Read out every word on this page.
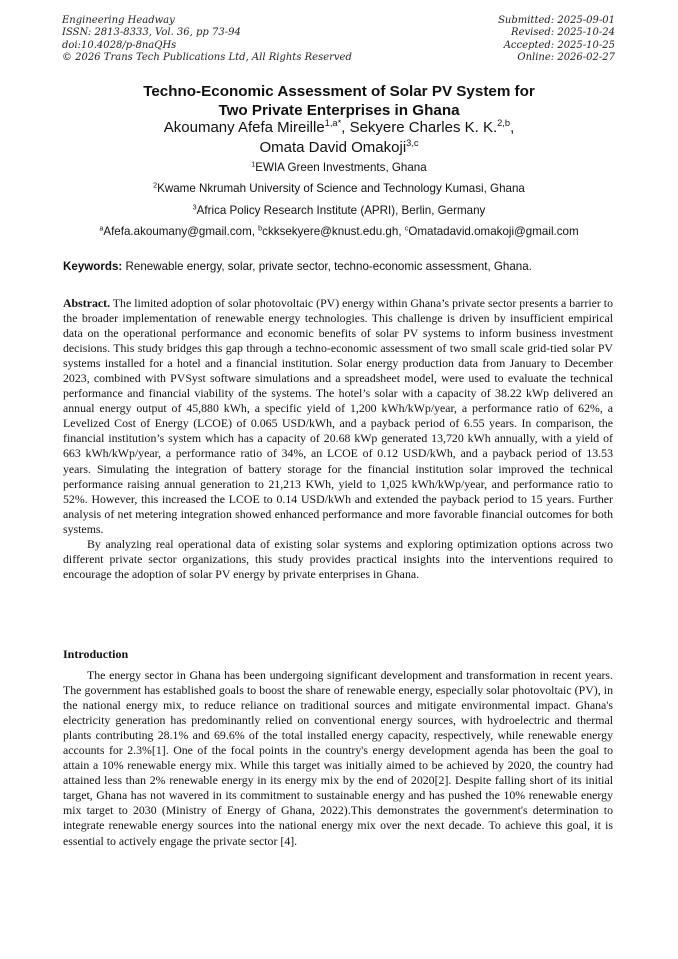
Engineering Headway
ISSN: 2813-8333, Vol. 36, pp 73-94
doi:10.4028/p-8naQHs
© 2026 Trans Tech Publications Ltd, All Rights Reserved
Submitted: 2025-09-01
Revised: 2025-10-24
Accepted: 2025-10-25
Online: 2026-02-27
Techno-Economic Assessment of Solar PV System for
Two Private Enterprises in Ghana
Akoumany Afefa Mireille$^{1,a*}$, Sekyere Charles K. K.$^{2,b}$,
Omata David Omakoji$^{3,c}$
$^1$EWIA Green Investments, Ghana
$^2$Kwame Nkrumah University of Science and Technology Kumasi, Ghana
$^3$Africa Policy Research Institute (APRI), Berlin, Germany
$^a$Afefa.akoumany@gmail.com, $^b$ckksekyere@knust.edu.gh, $^c$Omatadavid.omakoji@gmail.com
Keywords: Renewable energy, solar, private sector, techno-economic assessment, Ghana.

Abstract. The limited adoption of solar photovoltaic (PV) energy within Ghana’s private sector presents a barrier to the broader implementation of renewable energy technologies. This challenge is driven by insufficient empirical data on the operational performance and economic benefits of solar PV systems to inform business investment decisions. This study bridges this gap through a techno-economic assessment of two small scale grid-tied solar PV systems installed for a hotel and a financial institution. Solar energy production data from January to December 2023, combined with PVSyst software simulations and a spreadsheet model, were used to evaluate the technical performance and financial viability of the systems. The hotel’s solar with a capacity of 38.22 kWp delivered an annual energy output of 45,880 kWh, a specific yield of 1,200 kWh/kWp/year, a performance ratio of 62%, a Levelized Cost of Energy (LCOE) of 0.065 USD/kWh, and a payback period of 6.55 years. In comparison, the financial institution’s system which has a capacity of 20.68 kWp generated 13,720 kWh annually, with a yield of 663 kWh/kWp/year, a performance ratio of 34%, an LCOE of 0.12 USD/kWh, and a payback period of 13.53 years. Simulating the integration of battery storage for the financial institution solar improved the technical performance raising annual generation to 21,213 KWh, yield to 1,025 kWh/kWp/year, and performance ratio to 52%. However, this increased the LCOE to 0.14 USD/kWh and extended the payback period to 15 years. Further analysis of net metering integration showed enhanced performance and more favorable financial outcomes for both systems.

By analyzing real operational data of existing solar systems and exploring optimization options across two different private sector organizations, this study provides practical insights into the interventions required to encourage the adoption of solar PV energy by private enterprises in Ghana.

Introduction

The energy sector in Ghana has been undergoing significant development and transformation in recent years. The government has established goals to boost the share of renewable energy, especially solar photovoltaic (PV), in the national energy mix, to reduce reliance on traditional sources and mitigate environmental impact. Ghana's electricity generation has predominantly relied on conventional energy sources, with hydroelectric and thermal plants contributing 28.1% and 69.6% of the total installed energy capacity, respectively, while renewable energy accounts for 2.3%[1]. One of the focal points in the country's energy development agenda has been the goal to attain a 10% renewable energy mix. While this target was initially aimed to be achieved by 2020, the country had attained less than 2% renewable energy in its energy mix by the end of 2020[2]. Despite falling short of its initial target, Ghana has not wavered in its commitment to sustainable energy and has pushed the 10% renewable energy mix target to 2030 (Ministry of Energy of Ghana, 2022).This demonstrates the government's determination to integrate renewable energy sources into the national energy mix over the next decade. To achieve this goal, it is essential to actively engage the private sector [4].
